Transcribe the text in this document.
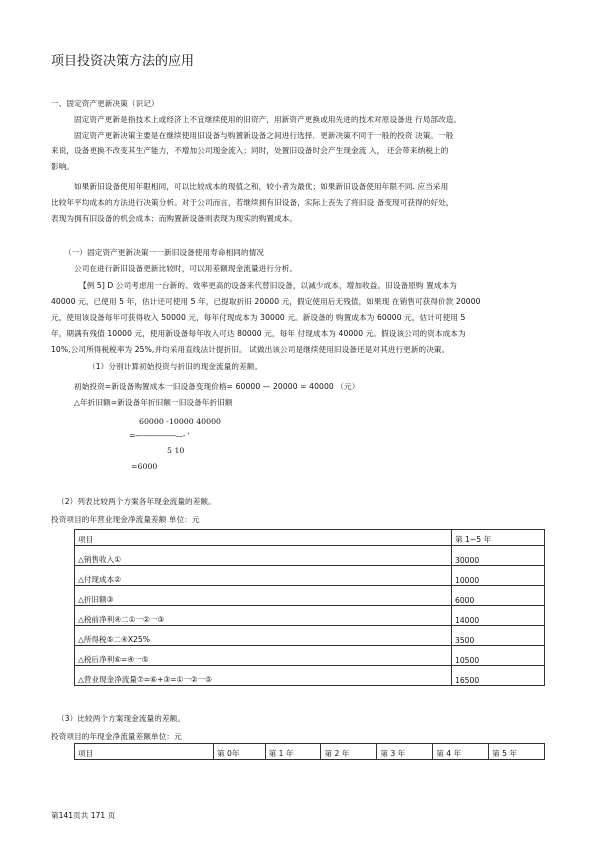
项目投资决策方法的应用
一、固定资产更新决策（识记）
固定资产更新是指技术上或经济上不宜继续使用的旧资产，用新资产更换或用先进的技术对原设备进 行局部改造。
固定资产更新决策主要是在继续使用旧设备与购置新设备之间进行选择．更新决策不同于一般的投资 决策。一般
来说，设备更换不改变其生产能力，不增加公司现金流入；同时，处置旧设备时会产生现金流 入， 还会带来纳税上的
影响。
如果新旧设备使用年限相同，可以比较成本的现值之和，较小者为最优；如果新旧设备使用年限不同. 应当采用
比较年平均成本的方法进行决策分析。对于公司而言，若继续拥有旧设备，实际上丧失了将旧设 备变现可获得的好处，
表现为拥有旧设备的机会成本；而购置新设备则表现为现实的购置成本。
（一）固定资产更新决策一一新旧设备使用寿命相同的情况
公司在进行新旧设备更新比较时，可以用差额现金流量进行分析。
【例 5] D 公司考虑用一台新的、效率更高的设备来代替旧设备，以减少成本，增加收益。旧设备原购 置成本为
40000 元，已使用 5 年，估计还可使用 5 年，已提取折旧 20000 元，假定使用后无残值，如果现 在销售可获得价款 20000
元，使用该设备每年可获得收入 50000 元，每年付现成本为 30000 元。新设备的 购置成本为 60000 元，估计可使用 5
年，期满有残值 10000 元，使用新设备每年收入可达 80000 元，每年 付现成本为 40000 元。假设该公司的资本成本为
10%,公司所得税税率为 25%,并均采用直线法计提折旧。 试做出该公司是继续使用旧设备还是对其进行更新的决策。
（1）分别计算初始投资与折旧的现金流量的差额。
初始投资=新设备购置成本一旧设备变现价格= 60000 — 20000 = 40000 （元）
△年折旧额=新设备年折旧额一旧设备年折旧额
60000 -10000 40000
=-------------------—- ‘
5 10
=6000
（2）列表比较两个方案各年现金流量的差额。
投资项目的年营业现金净流量差额 单位：元
项目	第 1~5 年
△销售收入①	30000
△付现成本②	10000
△折旧额③	6000
△税前净利④二①一②一③	14000
△所得税⑤二④X25%	3500
△税后净利⑥=④一⑤	10500
△营业现金净流量⑦=⑥+③=①一②一⑤	16500
（3）比较两个方案现金流量的差额。
投资项目的年现金净流量差额单位：元
项目	第 0年	第 1 年	第 2 年	第 3 年	第 4 年	第 5 年
第141页共 171 页
